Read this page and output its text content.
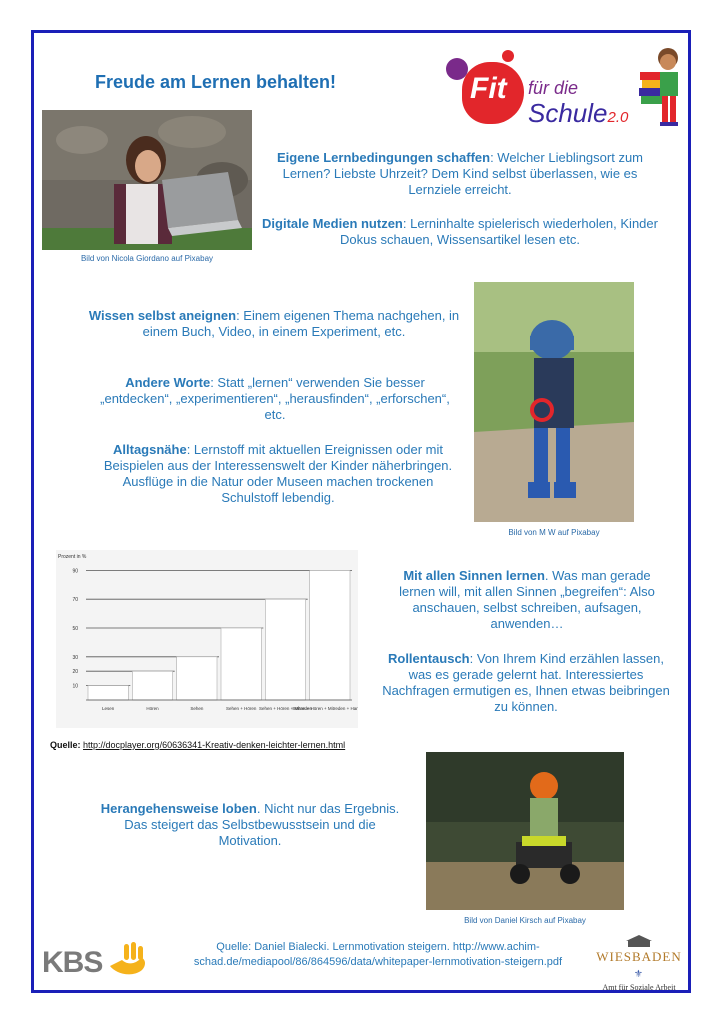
Freude am Lernen behalten!	Fit für die
Schule2.0
Bild von Nicola Giordano auf Pixabay
Eigene Lernbedingungen schaffen: Welcher Lieblingsort zum Lernen? Liebste Uhrzeit? Dem Kind selbst überlassen, wie es Lernziele erreicht.
Digitale Medien nutzen: Lerninhalte spielerisch wiederholen, Kinder Dokus schauen, Wissensartikel lesen etc.
Wissen selbst aneignen: Einem eigenen Thema nachgehen, in einem Buch, Video, in einem Experiment, etc.
Andere Worte: Statt „lernen“ verwenden Sie besser „entdecken“, „experimentieren“, „herausfinden“, „erforschen“, etc.
Alltagsnähe: Lernstoff mit aktuellen Ereignissen oder mit Beispielen aus der Interessenswelt der Kinder näherbringen. Ausflüge in die Natur oder Museen machen trockenen Schulstoff lebendig.
Bild von M W auf Pixabay
Prozent in %
90
70
50
30
20
10
Lesen	Hören	Sehen	Sehen + Hören Sehen + Hören + Mitreden
Sehen + Hören + Mitreden + Han
Quelle: http://docplayer.org/60636341-Kreativ-denken-leichter-lernen.html
Mit allen Sinnen lernen. Was man gerade lernen will, mit allen Sinnen „begreifen“: Also anschauen, selbst schreiben, aufsagen, anwenden…
Rollentausch: Von Ihrem Kind erzählen lassen, was es gerade gelernt hat. Interessiertes Nachfragen ermutigen es, Ihnen etwas beibringen zu können.
Herangehensweise loben. Nicht nur das Ergebnis. Das steigert das Selbstbewusstsein und die Motivation.
Bild von Daniel Kirsch auf Pixabay
KBS	Quelle: Daniel Bialecki. Lernmotivation steigern. http://www.achim-schad.de/mediapool/86/864596/data/whitepaper-lernmotivation-steigern.pdf	WIESBADEN
⚜
Amt für Soziale Arbeit
